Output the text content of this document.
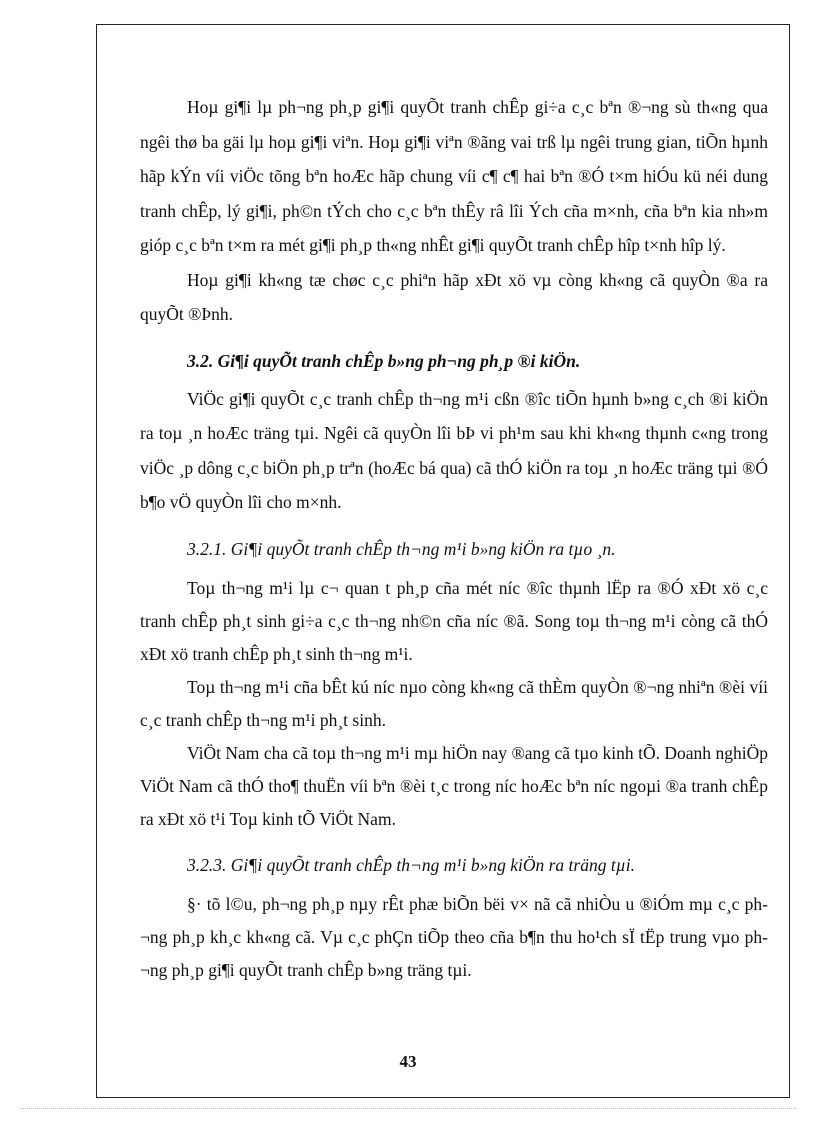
Hoµ gi¶i lµ ph¬ng ph¸p gi¶i quyÕt tranh chÊp gi÷a c¸c bªn ®¬ng sù th«ng qua ngêi thø ba gäi lµ hoµ gi¶i viªn. Hoµ gi¶i viªn ®ãng vai trß lµ ngêi trung gian, tiÕn hµnh hãp kÝn víi viÖc tõng bªn hoÆc hãp chung víi c¶ c¶ hai bªn ®Ó t×m hiÓu kü néi dung tranh chÊp, lý gi¶i, ph©n tÝch cho c¸c bªn thÊy râ lîi Ých cña m×nh, cña bªn kia nh»m gióp c¸c bªn t×m ra mét gi¶i ph¸p th«ng nhÊt gi¶i quyÕt tranh chÊp hîp t×nh hîp lý.

Hoµ gi¶i kh«ng tæ chøc c¸c phiªn hãp xÐt xö vµ còng kh«ng cã quyÒn ®a ra quyÕt ®Þnh.

3.2. Gi¶i quyÕt tranh chÊp b»ng ph¬ng ph¸p ®i kiÖn.

ViÖc gi¶i quyÕt c¸c tranh chÊp th¬ng m¹i cßn ®îc tiÕn hµnh b»ng c¸ch ®i kiÖn ra toµ ¸n hoÆc träng tµi. Ngêi cã quyÒn lîi bÞ vi ph¹m sau khi kh«ng thµnh c«ng trong viÖc ¸p dông c¸c biÖn ph¸p trªn (hoÆc bá qua) cã thÓ kiÖn ra toµ ¸n hoÆc träng tµi ®Ó b¶o vÖ quyÒn lîi cho m×nh.

3.2.1. Gi¶i quyÕt tranh chÊp th¬ng m¹i b»ng kiÖn ra tµo ¸n.

Toµ th¬ng m¹i lµ c¬ quan t ph¸p cña mét níc ®îc thµnh lËp ra ®Ó xÐt xö c¸c tranh chÊp ph¸t sinh gi÷a c¸c th¬ng nh©n cña níc ®ã. Song toµ th¬ng m¹i còng cã thÓ xÐt xö tranh chÊp ph¸t sinh th¬ng m¹i.

Toµ th¬ng m¹i cña bÊt kú níc nµo còng kh«ng cã thÈm quyÒn ®¬ng nhiªn ®èi víi c¸c tranh chÊp th¬ng m¹i ph¸t sinh.

ViÖt Nam cha cã toµ th¬ng m¹i mµ hiÖn nay ®ang cã tµo kinh tÕ. Doanh nghiÖp ViÖt Nam cã thÓ tho¶ thuËn víi bªn ®èi t¸c trong níc hoÆc bªn níc ngoµi ®a tranh chÊp ra xÐt xö t¹i Toµ kinh tÕ ViÖt Nam.

3.2.3. Gi¶i quyÕt tranh chÊp th¬ng m¹i b»ng kiÖn ra träng tµi.

§· tõ l©u, ph¬ng ph¸p nµy rÊt phæ biÕn bëi v× nã cã nhiÒu u ®iÓm mµ c¸c ph¬ng ph¸p kh¸c kh«ng cã. Vµ c¸c phÇn tiÕp theo cña b¶n thu ho¹ch sÏ tËp trung vµo ph¬ng ph¸p gi¶i quyÕt tranh chÊp b»ng träng tµi.

43
